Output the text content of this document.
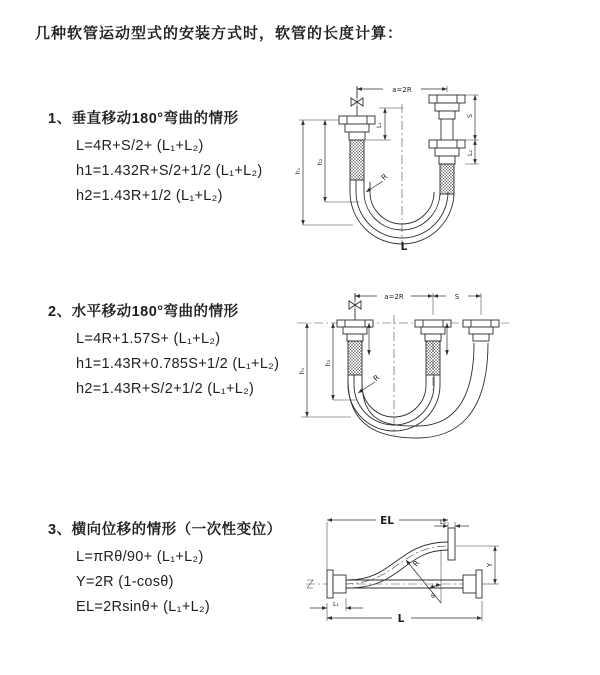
几种软管运动型式的安装方式时，软管的长度计算：
1、垂直移动180°弯曲的情形
L=4R+S/2+ (L₁+L₂)
h1=1.432R+S/2+1/2 (L₁+L₂)
h2=1.43R+1/2 (L₁+L₂)
2、水平移动180°弯曲的情形
L=4R+1.57S+ (L₁+L₂)
h1=1.43R+0.785S+1/2 (L₁+L₂)
h2=1.43R+S/2+1/2 (L₁+L₂)
3、横向位移的情形（一次性变位）
L=πRθ/90+ (L₁+L₂)
Y=2R (1-cosθ)
EL=2Rsinθ+ (L₁+L₂)
a=2R
L₁
S
L₂
h₁
h₂
R
L
a=2R	S
h₁
h₂
R
EL	L₂
Y
R
θ
L
L₁
